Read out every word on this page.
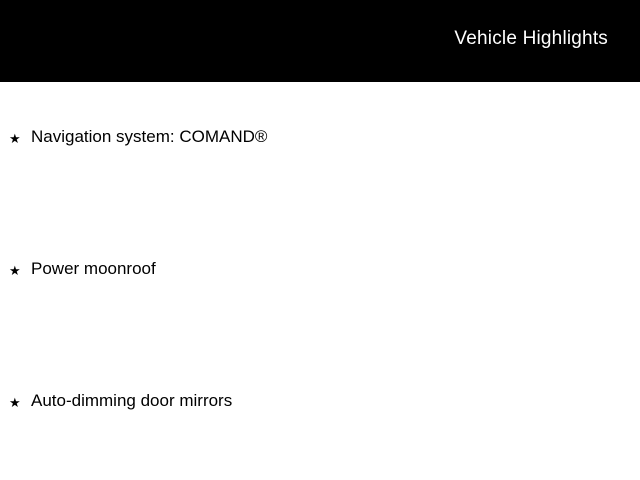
Vehicle Highlights
★ Navigation system: COMAND®
★ Power moonroof
★ Auto-dimming door mirrors
